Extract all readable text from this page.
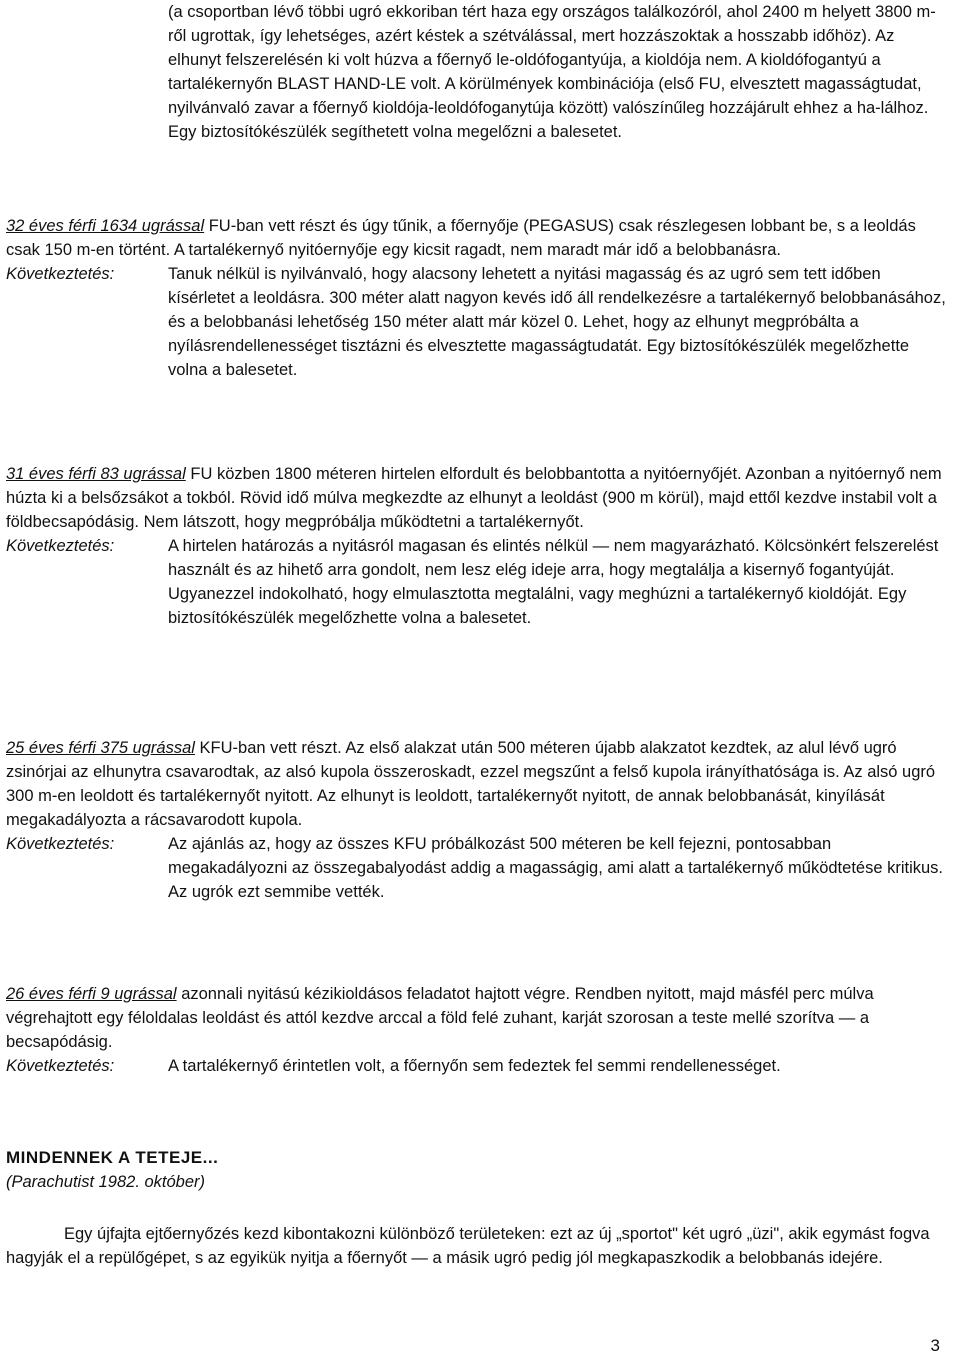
(a csoportban lévő többi ugró ekkoriban tért haza egy országos találkozóról, ahol 2400 m helyett 3800 m-ről ugrottak, így lehetséges, azért késtek a szétválással, mert hozzászoktak a hosszabb időhöz). Az elhunyt felszerelésén ki volt húzva a főernyő le-oldófogantyúja, a kioldója nem. A kioldófogantyú a tartalékernyőn BLAST HAND-LE volt. A körülmények kombinációja (első FU, elvesztett magasságtudat, nyilvánvaló zavar a főernyő kioldója-leoldófoganytúja között) valószínűleg hozzájárult ehhez a ha-lálhoz. Egy biztosítókészülék segíthetett volna megelőzni a balesetet.

32 éves férfi 1634 ugrással FU-ban vett részt és úgy tűnik, a főernyője (PEGASUS) csak részlegesen lobbant be, s a leoldás csak 150 m-en történt. A tartalékernyő nyitóernyője egy kicsit ragadt, nem maradt már idő a belobbanásra.

Következtetés:	Tanuk nélkül is nyilvánvaló, hogy alacsony lehetett a nyitási magasság és az ugró sem tett időben kísérletet a leoldásra. 300 méter alatt nagyon kevés idő áll rendelkezésre a tartalékernyő belobbanásához, és a belobbanási lehetőség 150 méter alatt már közel 0. Lehet, hogy az elhunyt megpróbálta a nyílásrendellenességet tisztázni és elvesztette magasságtudatát. Egy biztosítókészülék megelőzhette volna a balesetet.

31 éves férfi 83 ugrással FU közben 1800 méteren hirtelen elfordult és belobbantotta a nyitóernyőjét. Azonban a nyitóernyő nem húzta ki a belsőzsákot a tokból. Rövid idő múlva megkezdte az elhunyt a leoldást (900 m körül), majd ettől kezdve instabil volt a földbecsapódásig. Nem látszott, hogy megpróbálja működtetni a tartalékernyőt.

Következtetés:	A hirtelen határozás a nyitásról magasan és elintés nélkül — nem magyarázható. Kölcsönkért felszerelést használt és az hihető arra gondolt, nem lesz elég ideje arra, hogy megtalálja a kisernyő fogantyúját. Ugyanezzel indokolható, hogy elmulasztotta megtalálni, vagy meghúzni a tartalékernyő kioldóját. Egy biztosítókészülék megelőzhette volna a balesetet.

25 éves férfi 375 ugrással KFU-ban vett részt. Az első alakzat után 500 méteren újabb alakzatot kezdtek, az alul lévő ugró zsinórjai az elhunytra csavarodtak, az alsó kupola összeroskadt, ezzel megszűnt a felső kupola irányíthatósága is. Az alsó ugró 300 m-en leoldott és tartalékernyőt nyitott. Az elhunyt is leoldott, tartalékernyőt nyitott, de annak belobbanását, kinyílását megakadályozta a rácsavarodott kupola.

Következtetés:	Az ajánlás az, hogy az összes KFU próbálkozást 500 méteren be kell fejezni, pontosabban megakadályozni az összegabalyodást addig a magasságig, ami alatt a tartalékernyő működtetése kritikus. Az ugrók ezt semmibe vették.

26 éves férfi 9 ugrással azonnali nyitású kézikioldásos feladatot hajtott végre. Rendben nyitott, majd másfél perc múlva végrehajtott egy féloldalas leoldást és attól kezdve arccal a föld felé zuhant, karját szorosan a teste mellé szorítva — a becsapódásig.

Következtetés:	A tartalékernyő érintetlen volt, a főernyőn sem fedeztek fel semmi rendellenességet.
MINDENNEK A TETEJE...
(Parachutist 1982. október)

Egy újfajta ejtőernyőzés kezd kibontakozni különböző területeken: ezt az új „sportot" két ugró „üzi", akik egymást fogva hagyják el a repülőgépet, s az egyikük nyitja a főernyőt — a másik ugró pedig jól megkapaszkodik a belobbanás idejére.

3
